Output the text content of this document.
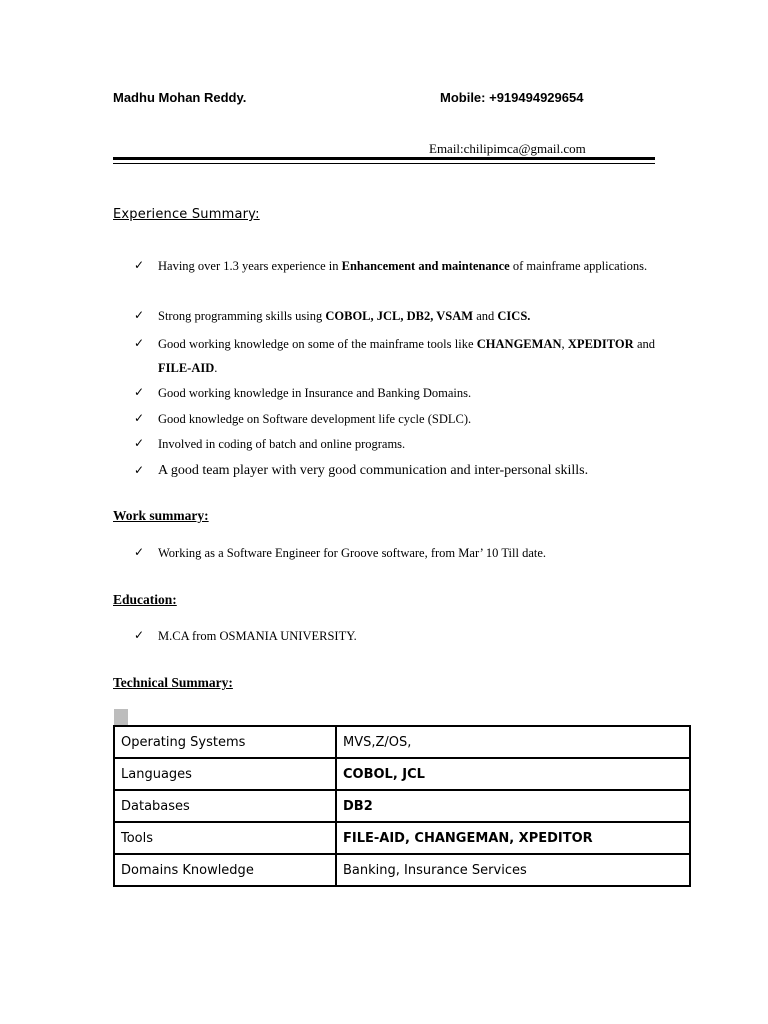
Madhu Mohan Reddy.	Mobile: +919494929654
Email:chilipimca@gmail.com
Experience Summary:
✓ Having over 1.3 years experience in Enhancement and maintenance of mainframe applications.
✓ Strong programming skills using COBOL, JCL, DB2, VSAM and CICS.
✓ Good working knowledge on some of the mainframe tools like CHANGEMAN, XPEDITOR and FILE-AID.
✓ Good working knowledge in Insurance and Banking Domains.
✓ Good knowledge on Software development life cycle (SDLC).
✓ Involved in coding of batch and online programs.
✓ A good team player with very good communication and inter-personal skills.
Work summary:
✓ Working as a Software Engineer for Groove software, from Mar’ 10 Till date.
Education:
✓ M.CA from OSMANIA UNIVERSITY.
Technical Summary:
Operating Systems	MVS,Z/OS,
Languages	COBOL, JCL
Databases	DB2
Tools	FILE-AID, CHANGEMAN, XPEDITOR
Domains Knowledge	Banking, Insurance Services
